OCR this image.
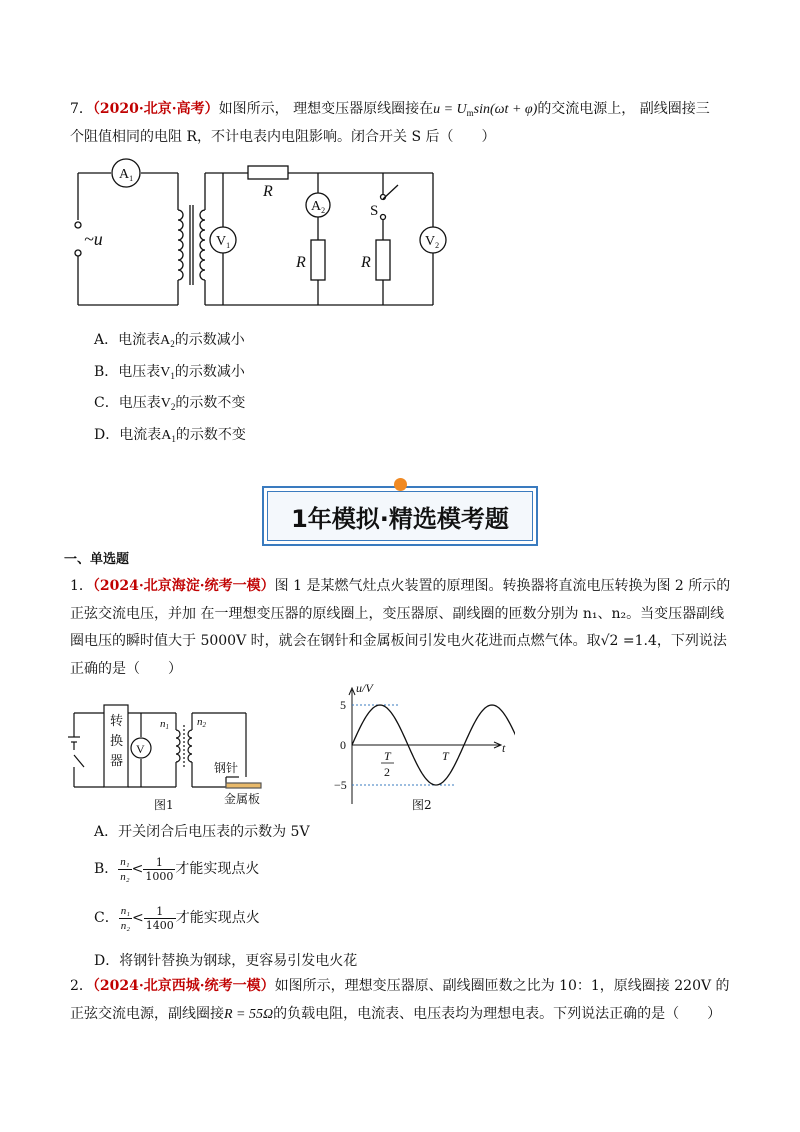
7．（2020·北京·高考）如图所示， 理想变压器原线圈接在$u = U_m\sin(\omega t + \varphi)$的交流电源上， 副线圈接三
个阻值相同的电阻 R，不计电表内电阻影响。闭合开关 S 后（　　）
$A_1$
$V_1$
$A_2$
$V_2$
R
R	R
S
~u
A．电流表$A_2$的示数减小
B．电压表$V_1$的示数减小
C．电压表$V_2$的示数不变
D．电流表$A_1$的示数不变
1年模拟·精选模考题
一、单选题
1．（2024·北京海淀·统考一模）图 1 是某燃气灶点火装置的原理图。转换器将直流电压转换为图 2 所示的
正弦交流电压，并加 在一理想变压器的原线圈上，变压器原、副线圈的匝数分别为 n₁、n₂。当变压器副线
圈电压的瞬时值大于 5000V 时，就会在钢针和金属板间引发电火花进而点燃气体。取√2 =1.4，下列说法
正确的是（　　）
转
换
器
V
n1	n2
钢针
金属板
图1
u/V
t
5
0
−5
T
2
T
图2
A．开关闭合后电压表的示数为 5V
B． $\frac{\text{n₁}}{\text{n₂}} < \frac{1}{1000}$ 才能实现点火
C． $\frac{\text{n₁}}{\text{n₂}} < \frac{1}{1400}$ 才能实现点火
D．将钢针替换为钢球，更容易引发电火花
2．（2024·北京西城·统考一模）如图所示，理想变压器原、副线圈匝数之比为 10：1，原线圈接 220V 的
正弦交流电源，副线圈接R = 55Ω的负载电阻，电流表、电压表均为理想电表。下列说法正确的是（　　）
